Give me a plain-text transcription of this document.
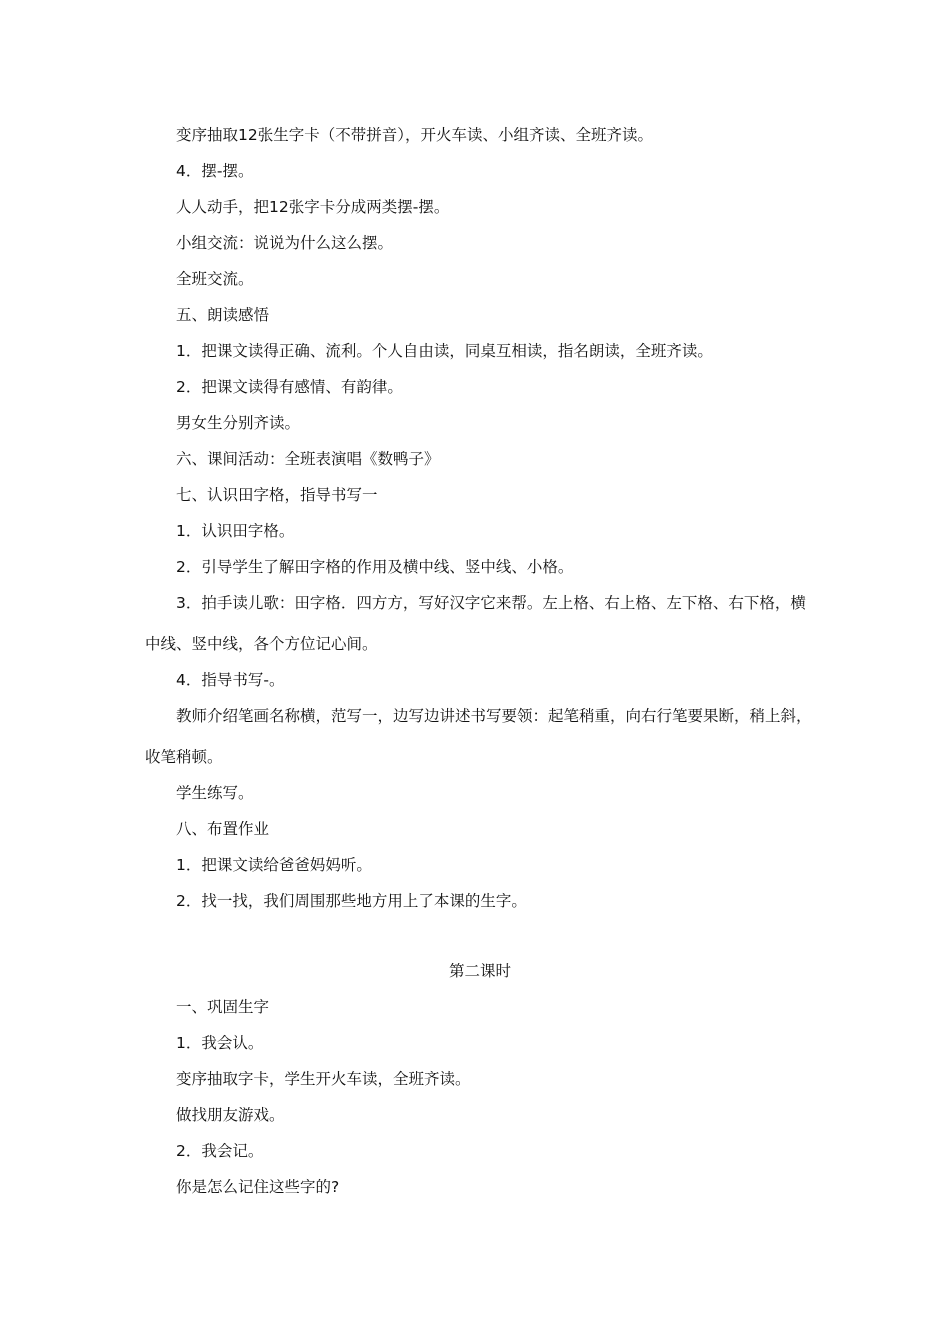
变序抽取12张生字卡（不带拼音），开火车读、小组齐读、全班齐读。
4．摆-摆。
人人动手，把12张字卡分成两类摆-摆。
小组交流：说说为什么这么摆。
全班交流。
五、朗读感悟
1．把课文读得正确、流利。个人自由读，同桌互相读，指名朗读，全班齐读。
2．把课文读得有感情、有韵律。
男女生分别齐读。
六、课间活动：全班表演唱《数鸭子》
七、认识田字格，指导书写一
1．认识田字格。
2．引导学生了解田字格的作用及横中线、竖中线、小格。
3．拍手读儿歌：田字格．四方方，写好汉字它来帮。左上格、右上格、左下格、右下格，横中线、竖中线，各个方位记心间。
4．指导书写-。
教师介绍笔画名称横，范写一，边写边讲述书写要领：起笔稍重，向右行笔要果断，稍上斜，收笔稍顿。
学生练写。
八、布置作业
1．把课文读给爸爸妈妈听。
2．找一找，我们周围那些地方用上了本课的生字。
第二课时
一、巩固生字
1．我会认。
变序抽取字卡，学生开火车读，全班齐读。
做找朋友游戏。
2．我会记。
你是怎么记住这些字的?
